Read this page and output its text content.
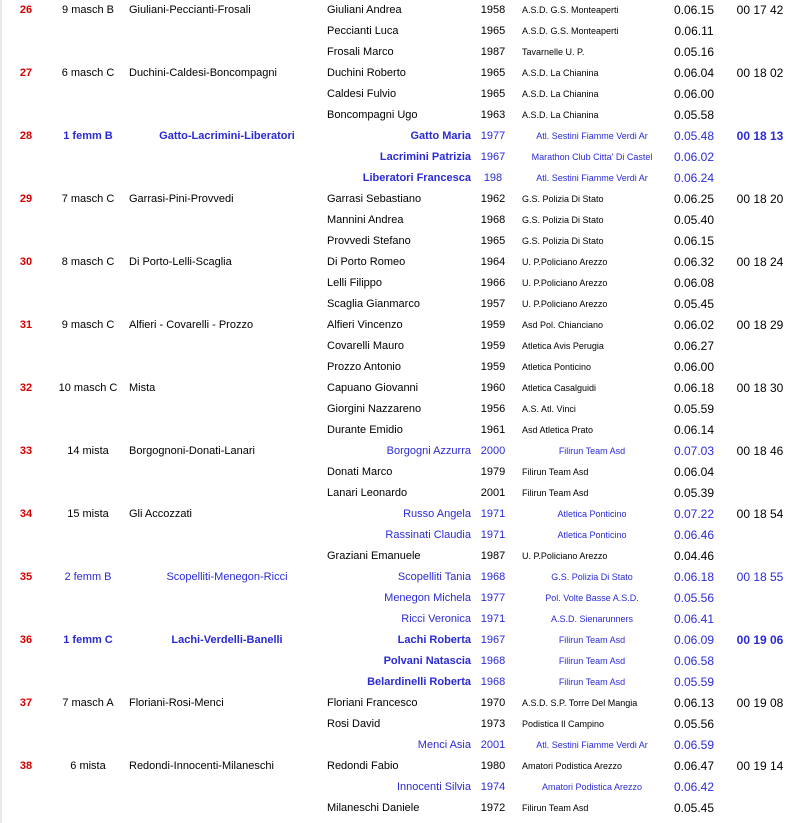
26	9 masch B	Giuliani-Peccianti-Frosali	Giuliani Andrea	1958	A.S.D. G.S. Monteaperti	0.06.15	00 17 42
Peccianti Luca	1965	A.S.D. G.S. Monteaperti	0.06.11
Frosali Marco	1987	Tavarnelle U. P.	0.05.16
27	6 masch C	Duchini-Caldesi-Boncompagni	Duchini Roberto	1965	A.S.D. La Chianina	0.06.04	00 18 02
Caldesi Fulvio	1965	A.S.D. La Chianina	0.06.00
Boncompagni Ugo	1963	A.S.D. La Chianina	0.05.58
28	1 femm B	Gatto-Lacrimini-Liberatori	Gatto Maria 1977	Atl. Sestini Fiamme Verdi Ar	0.05.48	00 18 13
Lacrimini Patrizia 1967	Marathon Club Citta' Di Castel	0.06.02
Liberatori Francesca	198	Atl. Sestini Fiamme Verdi Ar	0.06.24
29	7 masch C	Garrasi-Pini-Provvedi	Garrasi Sebastiano	1962	G.S. Polizia Di Stato	0.06.25	00 18 20
Mannini Andrea	1968	G.S. Polizia Di Stato	0.05.40
Provvedi Stefano	1965	G.S. Polizia Di Stato	0.06.15
30	8 masch C	Di Porto-Lelli-Scaglia	Di Porto Romeo	1964	U. P.Policiano Arezzo	0.06.32	00 18 24
Lelli Filippo	1966	U. P.Policiano Arezzo	0.06.08
Scaglia Gianmarco	1957	U. P.Policiano Arezzo	0.05.45
31	9 masch C	Alfieri - Covarelli - Prozzo	Alfieri Vincenzo	1959	Asd Pol. Chianciano	0.06.02	00 18 29
Covarelli Mauro	1959	Atletica Avis Perugia	0.06.27
Prozzo Antonio	1959	Atletica Ponticino	0.06.00
32	10 masch C	Mista	Capuano Giovanni	1960	Atletica Casalguidi	0.06.18	00 18 30
Giorgini Nazzareno	1956	A.S. Atl. Vinci	0.05.59
Durante Emidio	1961	Asd Atletica Prato	0.06.14
33	14 mista	Borgognoni-Donati-Lanari	Borgogni Azzurra 2000	Filirun Team Asd	0.07.03	00 18 46
Donati Marco	1979	Filirun Team Asd	0.06.04
Lanari Leonardo	2001	Filirun Team Asd	0.05.39
34	15 mista	Gli Accozzati	Russo Angela 1971	Atletica Ponticino	0.07.22	00 18 54
Rassinati Claudia 1971	Atletica Ponticino	0.06.46
Graziani Emanuele	1987	U. P.Policiano Arezzo	0.04.46
35	2 femm B	Scopelliti-Menegon-Ricci	Scopelliti Tania 1968	G.S. Polizia Di Stato	0.06.18	00 18 55
Menegon Michela 1977	Pol. Volte Basse A.S.D.	0.05.56
Ricci Veronica 1971	A.S.D. Sienarunners	0.06.41
36	1 femm C	Lachi-Verdelli-Banelli	Lachi Roberta 1967	Filirun Team Asd	0.06.09	00 19 06
Polvani Natascia 1968	Filirun Team Asd	0.06.58
Belardinelli Roberta 1968	Filirun Team Asd	0.05.59
37	7 masch A	Floriani-Rosi-Menci	Floriani Francesco	1970	A.S.D. S.P. Torre Del Mangia	0.06.13	00 19 08
Rosi David	1973	Podistica Il Campino	0.05.56
Menci Asia 2001	Atl. Sestini Fiamme Verdi Ar	0.06.59
38	6 mista	Redondi-Innocenti-Milaneschi	Redondi Fabio	1980	Amatori Podistica Arezzo	0.06.47	00 19 14
Innocenti Silvia 1974	Amatori Podistica Arezzo	0.06.42
Milaneschi Daniele	1972	Filirun Team Asd	0.05.45
